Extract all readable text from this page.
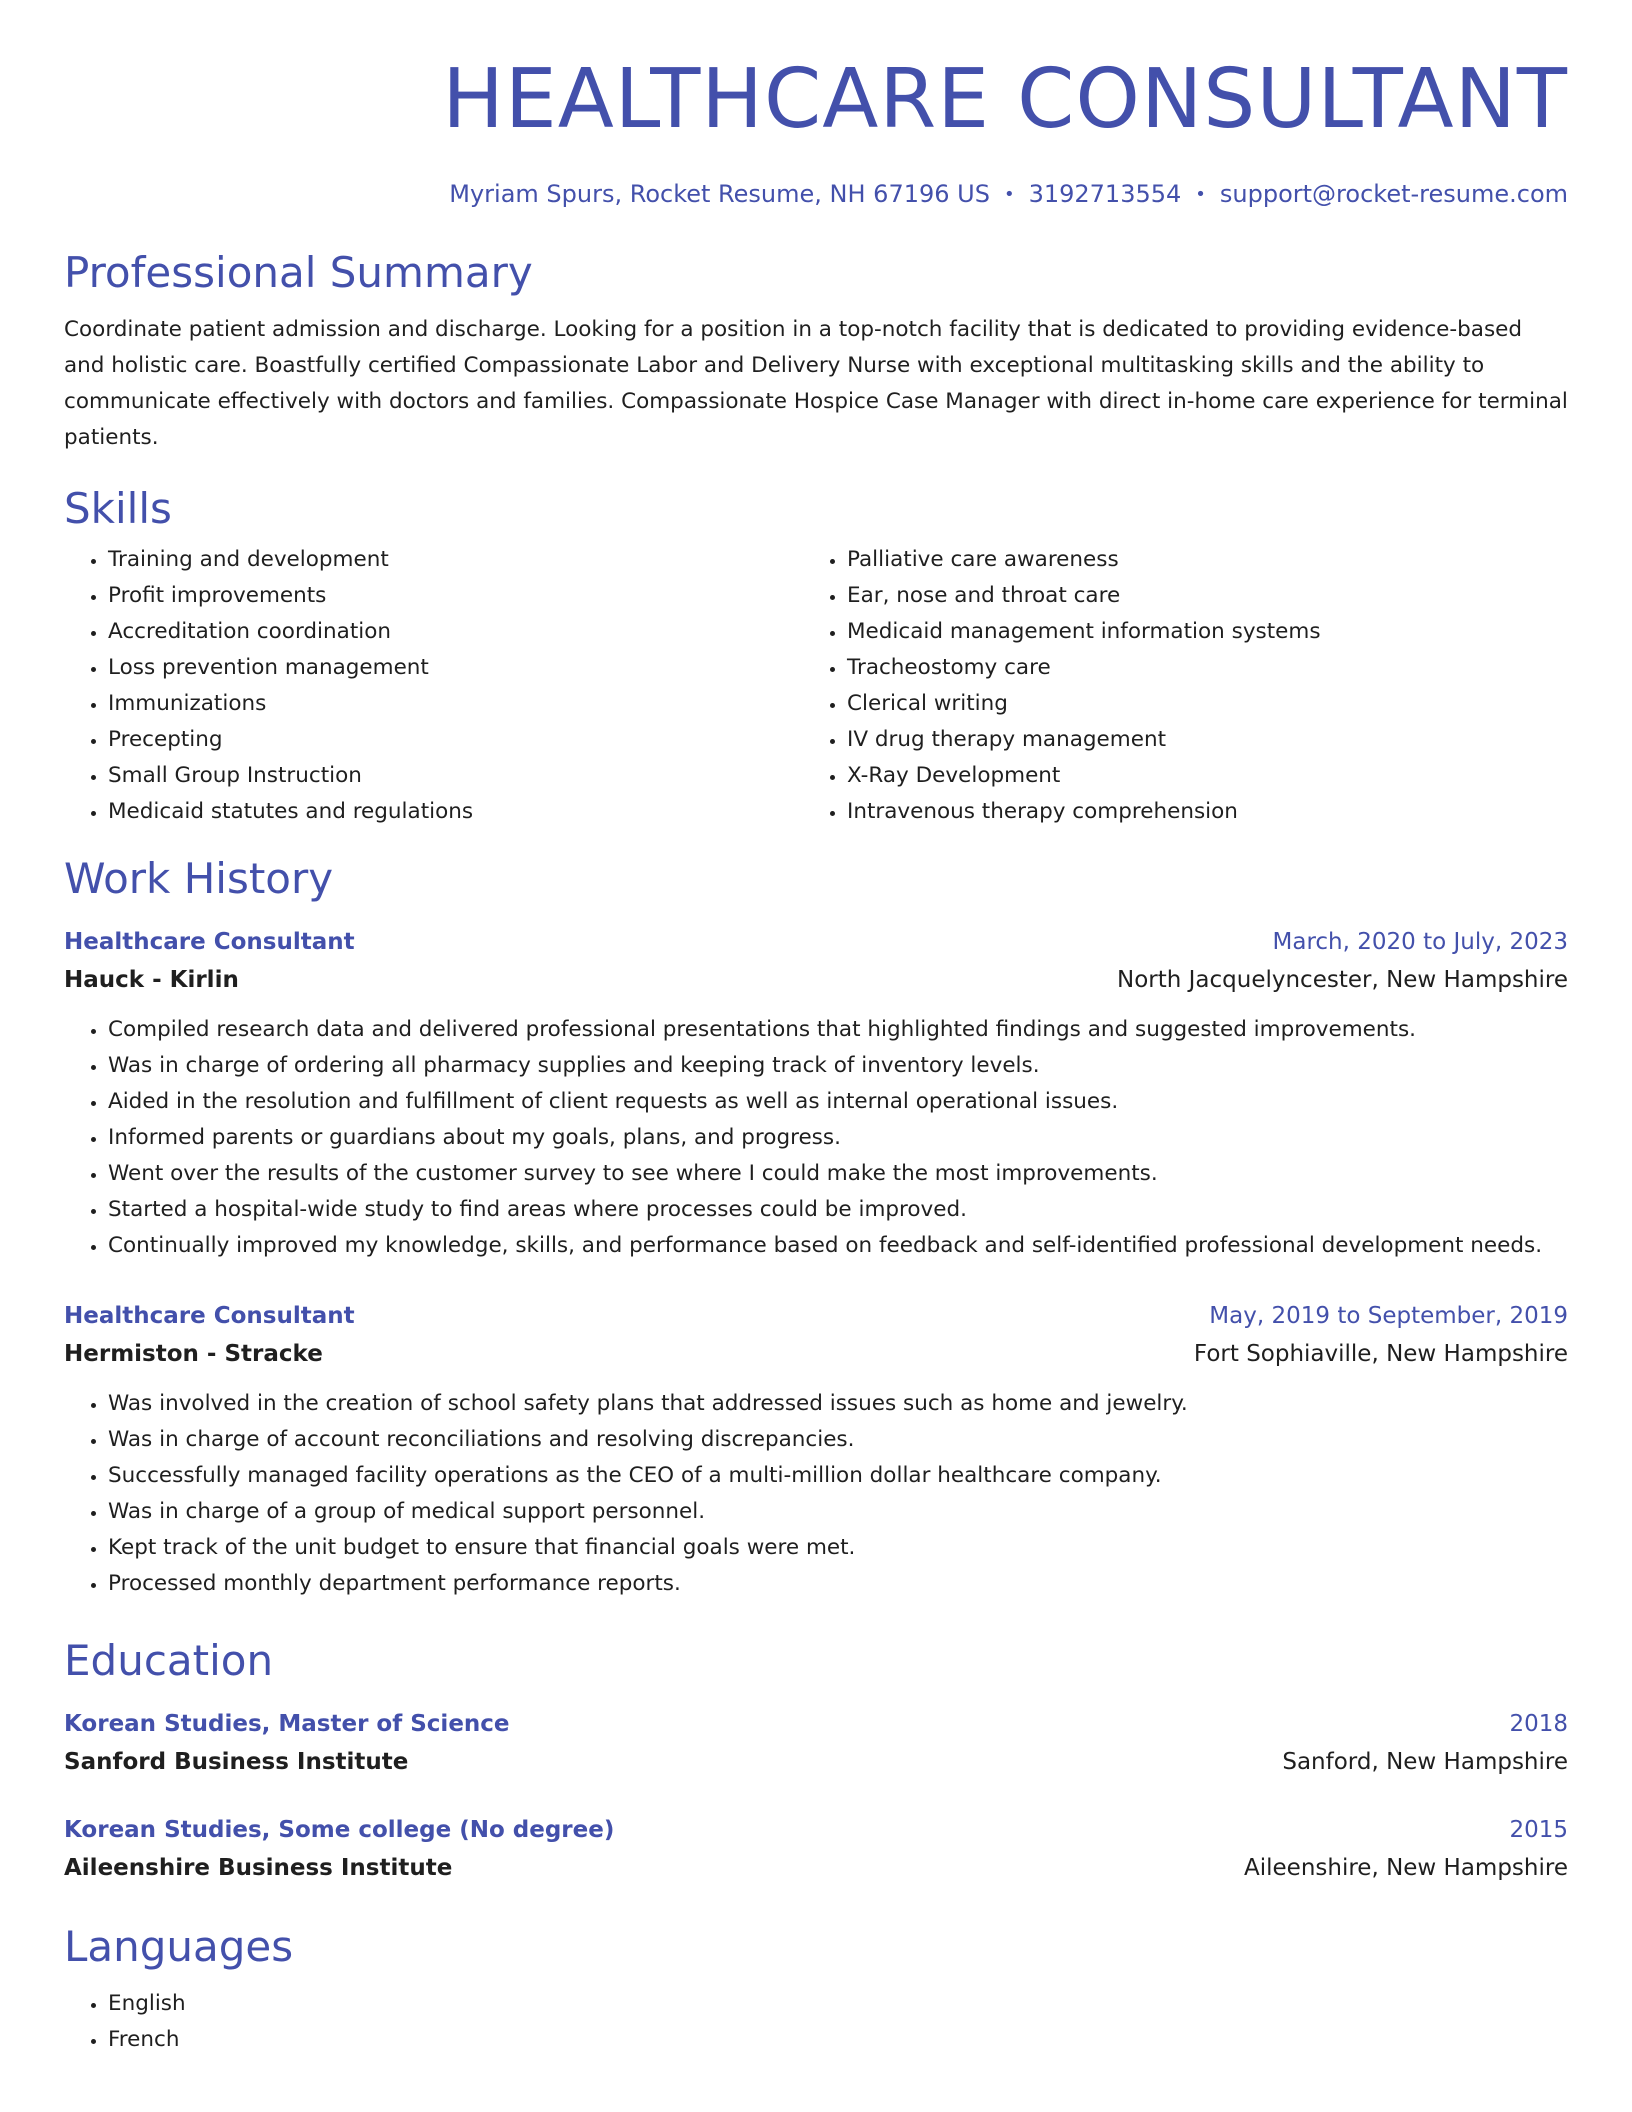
HEALTHCARE CONSULTANT
Myriam Spurs, Rocket Resume, NH 67196 US • 3192713554 • support@rocket-resume.com
Professional Summary
Coordinate patient admission and discharge. Looking for a position in a top-notch facility that is dedicated to providing evidence-based and holistic care. Boastfully certified Compassionate Labor and Delivery Nurse with exceptional multitasking skills and the ability to communicate effectively with doctors and families. Compassionate Hospice Case Manager with direct in-home care experience for terminal patients.
Skills
• Training and development
• Profit improvements
• Accreditation coordination
• Loss prevention management
• Immunizations
• Precepting
• Small Group Instruction
• Medicaid statutes and regulations
• Palliative care awareness
• Ear, nose and throat care
• Medicaid management information systems
• Tracheostomy care
• Clerical writing
• IV drug therapy management
• X-Ray Development
• Intravenous therapy comprehension
Work History
Healthcare Consultant	March, 2020 to July, 2023
Hauck - Kirlin	North Jacquelyncester, New Hampshire
• Compiled research data and delivered professional presentations that highlighted findings and suggested improvements.
• Was in charge of ordering all pharmacy supplies and keeping track of inventory levels.
• Aided in the resolution and fulfillment of client requests as well as internal operational issues.
• Informed parents or guardians about my goals, plans, and progress.
• Went over the results of the customer survey to see where I could make the most improvements.
• Started a hospital-wide study to find areas where processes could be improved.
• Continually improved my knowledge, skills, and performance based on feedback and self-identified professional development needs.
Healthcare Consultant	May, 2019 to September, 2019
Hermiston - Stracke	Fort Sophiaville, New Hampshire
• Was involved in the creation of school safety plans that addressed issues such as home and jewelry.
• Was in charge of account reconciliations and resolving discrepancies.
• Successfully managed facility operations as the CEO of a multi-million dollar healthcare company.
• Was in charge of a group of medical support personnel.
• Kept track of the unit budget to ensure that financial goals were met.
• Processed monthly department performance reports.
Education
Korean Studies, Master of Science	2018
Sanford Business Institute	Sanford, New Hampshire
Korean Studies, Some college (No degree)	2015
Aileenshire Business Institute	Aileenshire, New Hampshire
Languages
• English
• French
